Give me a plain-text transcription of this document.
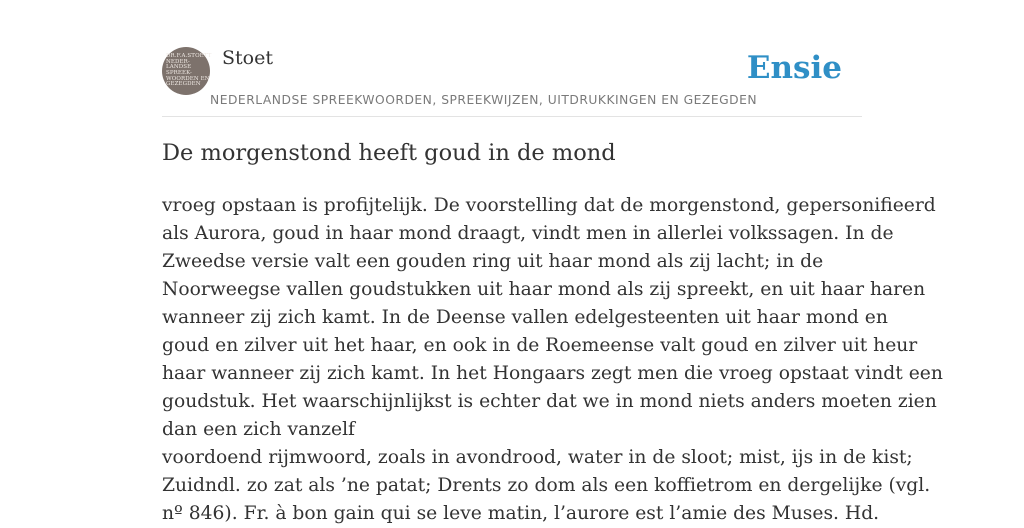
DR.F.A.STOETT
NEDER-
LANDSE
SPREEK-
WOORDEN EN
GEZEGDEN
Stoet
NEDERLANDSE SPREEKWOORDEN, SPREEKWIJZEN, UITDRUKKINGEN EN GEZEGDEN
Ensie
De morgenstond heeft goud in de mond

vroeg opstaan is profijtelijk. De voorstelling dat de morgenstond, gepersonifieerd

als Aurora, goud in haar mond draagt, vindt men in allerlei volkssagen. In de

Zweedse versie valt een gouden ring uit haar mond als zij lacht; in de

Noorweegse vallen goudstukken uit haar mond als zij spreekt, en uit haar haren

wanneer zij zich kamt. In de Deense vallen edelgesteenten uit haar mond en

goud en zilver uit het haar, en ook in de Roemeense valt goud en zilver uit heur

haar wanneer zij zich kamt. In het Hongaars zegt men die vroeg opstaat vindt een

goudstuk. Het waarschijnlijkst is echter dat we in mond niets anders moeten zien

dan een zich vanzelf

voordoend rijmwoord, zoals in avondrood, water in de sloot; mist, ijs in de kist;

Zuidndl. zo zat als ’ne patat; Drents zo dom als een koffietrom en dergelijke (vgl.

nº 846). Fr. à bon gain qui se leve matin, l’aurore est l’amie des Muses. Hd.
